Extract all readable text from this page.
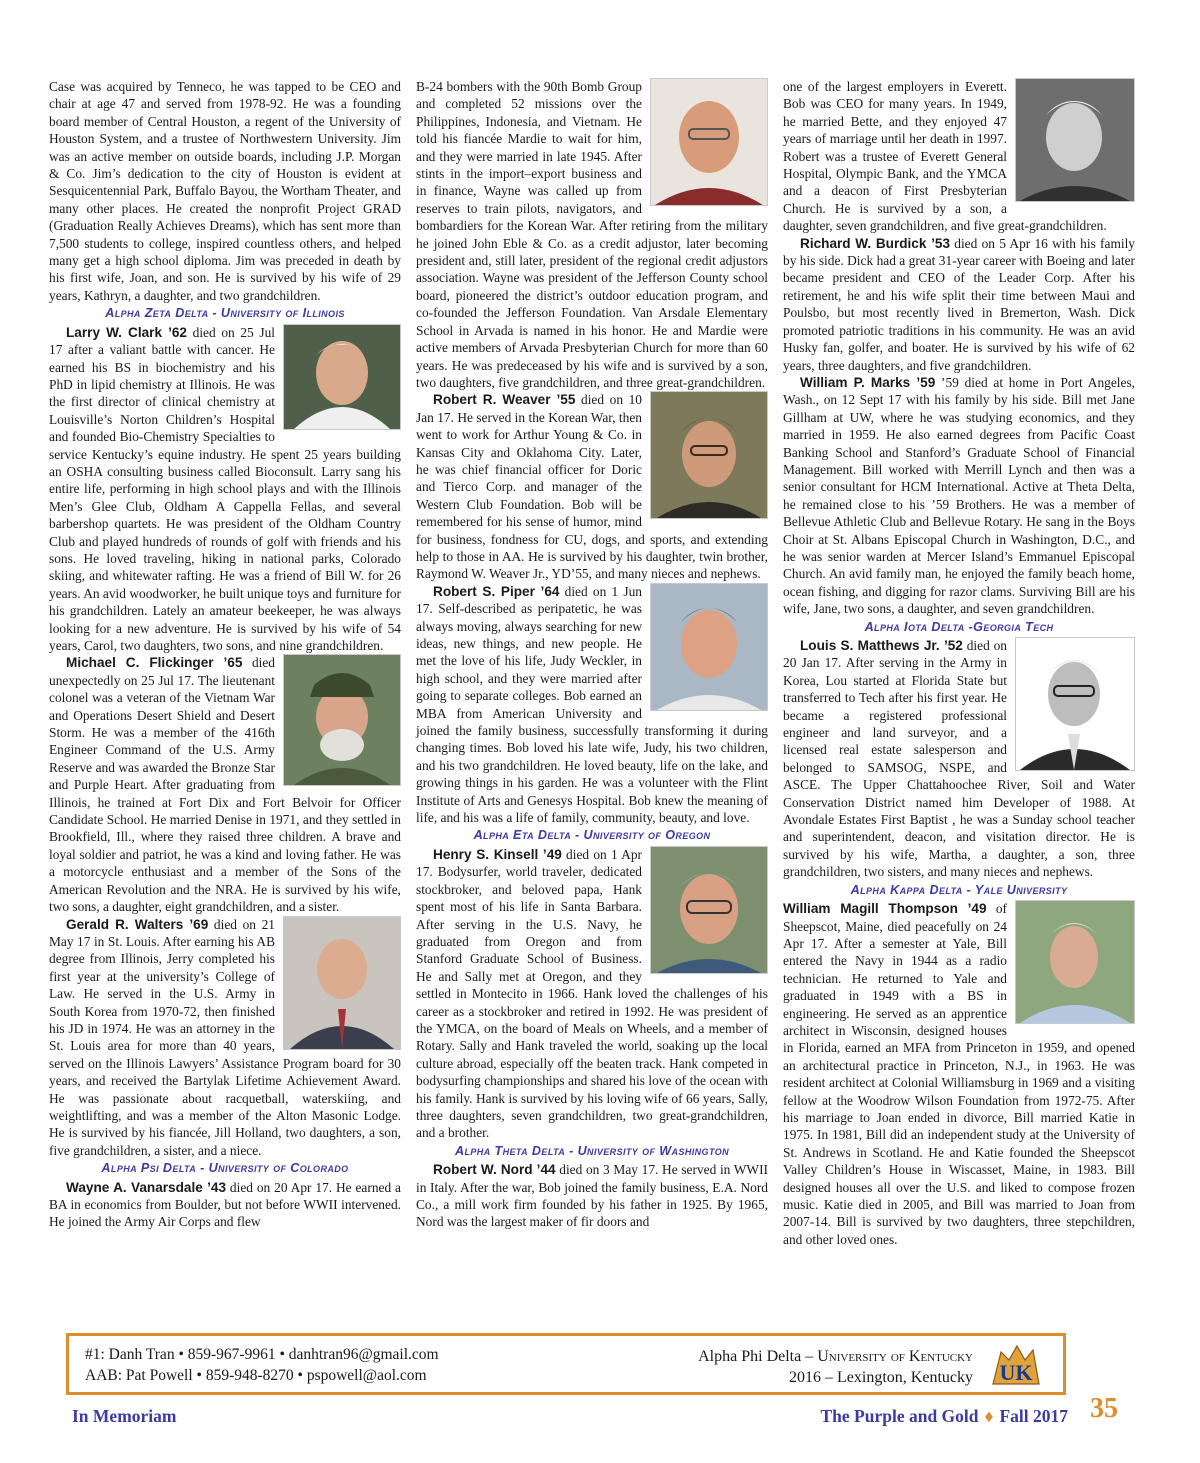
Case was acquired by Tenneco, he was tapped to be CEO and chair at age 47 and served from 1978-92. He was a founding board member of Central Houston, a regent of the University of Houston System, and a trustee of Northwestern University. Jim was an active member on outside boards, including J.P. Morgan & Co. Jim’s dedication to the city of Houston is evident at Sesquicentennial Park, Buffalo Bayou, the Wortham Theater, and many other places. He created the nonprofit Project GRAD (Graduation Really Achieves Dreams), which has sent more than 7,500 students to college, inspired countless others, and helped many get a high school diploma. Jim was preceded in death by his first wife, Joan, and son. He is survived by his wife of 29 years, Kathryn, a daughter, and two grandchildren.

Alpha Zeta Delta - University of Illinois

Larry W. Clark ’62 died on 25 Jul 17 after a valiant battle with cancer. He earned his BS in biochemistry and his PhD in lipid chemistry at Illinois. He was the first director of clinical chemistry at Louisville’s Norton Children’s Hospital and founded Bio-Chemistry Specialties to service Kentucky’s equine industry. He spent 25 years building an OSHA consulting business called Bioconsult. Larry sang his entire life, performing in high school plays and with the Illinois Men’s Glee Club, Oldham A Cappella Fellas, and several barbershop quartets. He was president of the Oldham Country Club and played hundreds of rounds of golf with friends and his sons. He loved traveling, hiking in national parks, Colorado skiing, and whitewater rafting. He was a friend of Bill W. for 26 years. An avid woodworker, he built unique toys and furniture for his grandchildren. Lately an amateur beekeeper, he was always looking for a new adventure. He is survived by his wife of 54 years, Carol, two daughters, two sons, and nine grandchildren.

Michael C. Flickinger ’65 died unexpectedly on 25 Jul 17. The lieutenant colonel was a veteran of the Vietnam War and Operations Desert Shield and Desert Storm. He was a member of the 416th Engineer Command of the U.S. Army Reserve and was awarded the Bronze Star and Purple Heart. After graduating from Illinois, he trained at Fort Dix and Fort Belvoir for Officer Candidate School. He married Denise in 1971, and they settled in Brookfield, Ill., where they raised three children. A brave and loyal soldier and patriot, he was a kind and loving father. He was a motorcycle enthusiast and a member of the Sons of the American Revolution and the NRA. He is survived by his wife, two sons, a daughter, eight grandchildren, and a sister.

Gerald R. Walters ’69 died on 21 May 17 in St. Louis. After earning his AB degree from Illinois, Jerry completed his first year at the university’s College of Law. He served in the U.S. Army in South Korea from 1970-72, then finished his JD in 1974. He was an attorney in the St. Louis area for more than 40 years, served on the Illinois Lawyers’ Assistance Program board for 30 years, and received the Bartylak Lifetime Achievement Award. He was passionate about racquetball, waterskiing, and weightlifting, and was a member of the Alton Masonic Lodge. He is survived by his fiancée, Jill Holland, two daughters, a son, five grandchildren, a sister, and a niece.

Alpha Psi Delta - University of Colorado

Wayne A. Vanarsdale ’43 died on 20 Apr 17. He earned a BA in economics from Boulder, but not before WWII intervened. He joined the Army Air Corps and flew

B-24 bombers with the 90th Bomb Group and completed 52 missions over the Philippines, Indonesia, and Vietnam. He told his fiancée Mardie to wait for him, and they were married in late 1945. After stints in the import–export business and in finance, Wayne was called up from reserves to train pilots, navigators, and bombardiers for the Korean War. After retiring from the military he joined John Eble & Co. as a credit adjustor, later becoming president and, still later, president of the regional credit adjustors association. Wayne was president of the Jefferson County school board, pioneered the district’s outdoor education program, and co-founded the Jefferson Foundation. Van Arsdale Elementary School in Arvada is named in his honor. He and Mardie were active members of Arvada Presbyterian Church for more than 60 years. He was predeceased by his wife and is survived by a son, two daughters, five grandchildren, and three great-grandchildren.

Robert R. Weaver ’55 died on 10 Jan 17. He served in the Korean War, then went to work for Arthur Young & Co. in Kansas City and Oklahoma City. Later, he was chief financial officer for Doric and Tierco Corp. and manager of the Western Club Foundation. Bob will be remembered for his sense of humor, mind for business, fondness for CU, dogs, and sports, and extending help to those in AA. He is survived by his daughter, twin brother, Raymond W. Weaver Jr., YD’55, and many nieces and nephews.

Robert S. Piper ’64 died on 1 Jun 17. Self-described as peripatetic, he was always moving, always searching for new ideas, new things, and new people. He met the love of his life, Judy Weckler, in high school, and they were married after going to separate colleges. Bob earned an MBA from American University and joined the family business, successfully transforming it during changing times. Bob loved his late wife, Judy, his two children, and his two grandchildren. He loved beauty, life on the lake, and growing things in his garden. He was a volunteer with the Flint Institute of Arts and Genesys Hospital. Bob knew the meaning of life, and his was a life of family, community, beauty, and love.

Alpha Eta Delta - University of Oregon

Henry S. Kinsell ’49 died on 1 Apr 17. Bodysurfer, world traveler, dedicated stockbroker, and beloved papa, Hank spent most of his life in Santa Barbara. After serving in the U.S. Navy, he graduated from Oregon and from Stanford Graduate School of Business. He and Sally met at Oregon, and they settled in Montecito in 1966. Hank loved the challenges of his career as a stockbroker and retired in 1992. He was president of the YMCA, on the board of Meals on Wheels, and a member of Rotary. Sally and Hank traveled the world, soaking up the local culture abroad, especially off the beaten track. Hank competed in bodysurfing championships and shared his love of the ocean with his family. Hank is survived by his loving wife of 66 years, Sally, three daughters, seven grandchildren, two great-grandchildren, and a brother.

Alpha Theta Delta - University of Washington

Robert W. Nord ’44 died on 3 May 17. He served in WWII in Italy. After the war, Bob joined the family business, E.A. Nord Co., a mill work firm founded by his father in 1925. By 1965, Nord was the largest maker of fir doors and

one of the largest employers in Everett. Bob was CEO for many years. In 1949, he married Bette, and they enjoyed 47 years of marriage until her death in 1997. Robert was a trustee of Everett General Hospital, Olympic Bank, and the YMCA and a deacon of First Presbyterian Church. He is survived by a son, a daughter, seven grandchildren, and five great-grandchildren.

Richard W. Burdick ’53 died on 5 Apr 16 with his family by his side. Dick had a great 31-year career with Boeing and later became president and CEO of the Leader Corp. After his retirement, he and his wife split their time between Maui and Poulsbo, but most recently lived in Bremerton, Wash. Dick promoted patriotic traditions in his community. He was an avid Husky fan, golfer, and boater. He is survived by his wife of 62 years, three daughters, and five grandchildren.

William P. Marks ’59 ’59 died at home in Port Angeles, Wash., on 12 Sept 17 with his family by his side. Bill met Jane Gillham at UW, where he was studying economics, and they married in 1959. He also earned degrees from Pacific Coast Banking School and Stanford’s Graduate School of Financial Management. Bill worked with Merrill Lynch and then was a senior consultant for HCM International. Active at Theta Delta, he remained close to his ’59 Brothers. He was a member of Bellevue Athletic Club and Bellevue Rotary. He sang in the Boys Choir at St. Albans Episcopal Church in Washington, D.C., and he was senior warden at Mercer Island’s Emmanuel Episcopal Church. An avid family man, he enjoyed the family beach home, ocean fishing, and digging for razor clams. Surviving Bill are his wife, Jane, two sons, a daughter, and seven grandchildren.

Alpha Iota Delta -Georgia Tech

Louis S. Matthews Jr. ’52 died on 20 Jan 17. After serving in the Army in Korea, Lou started at Florida State but transferred to Tech after his first year. He became a registered professional engineer and land surveyor, and a licensed real estate salesperson and belonged to SAMSOG, NSPE, and ASCE. The Upper Chattahoochee River, Soil and Water Conservation District named him Developer of 1988. At Avondale Estates First Baptist , he was a Sunday school teacher and superintendent, deacon, and visitation director. He is survived by his wife, Martha, a daughter, a son, three grandchildren, two sisters, and many nieces and nephews.

Alpha Kappa Delta - Yale University

William Magill Thompson ’49 of Sheepscot, Maine, died peacefully on 24 Apr 17. After a semester at Yale, Bill entered the Navy in 1944 as a radio technician. He returned to Yale and graduated in 1949 with a BS in engineering. He served as an apprentice architect in Wisconsin, designed houses in Florida, earned an MFA from Princeton in 1959, and opened an architectural practice in Princeton, N.J., in 1963. He was resident architect at Colonial Williamsburg in 1969 and a visiting fellow at the Woodrow Wilson Foundation from 1972-75. After his marriage to Joan ended in divorce, Bill married Katie in 1975. In 1981, Bill did an independent study at the University of St. Andrews in Scotland. He and Katie founded the Sheepscot Valley Children’s House in Wiscasset, Maine, in 1983. Bill designed houses all over the U.S. and liked to compose frozen music. Katie died in 2005, and Bill was married to Joan from 2007-14. Bill is survived by two daughters, three stepchildren, and other loved ones.

#1: Danh Tran • 859-967-9961 • danhtran96@gmail.com
AAB: Pat Powell • 859-948-8270 • pspowell@aol.com
Alpha Phi Delta – University of Kentucky
2016 – Lexington, Kentucky UK
In Memoriam	The Purple and Gold ♦ Fall 2017 35
